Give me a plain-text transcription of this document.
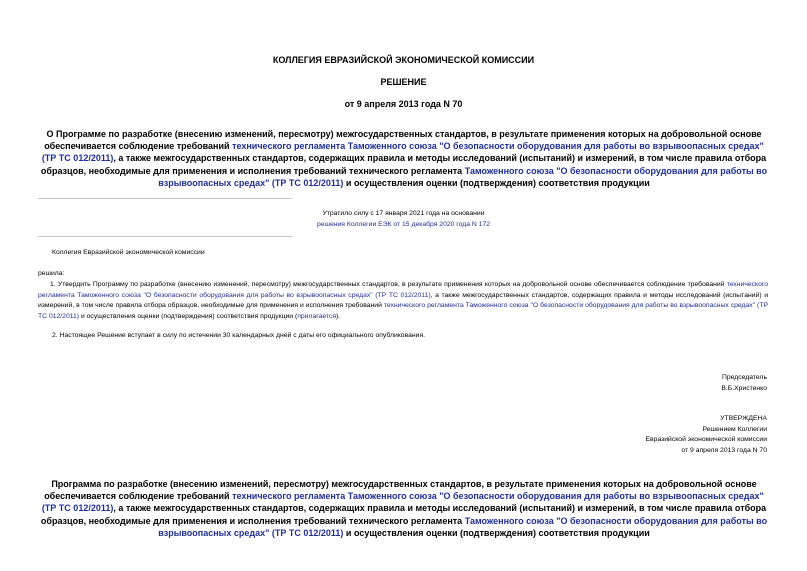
КОЛЛЕГИЯ ЕВРАЗИЙСКОЙ ЭКОНОМИЧЕСКОЙ КОМИССИИ
РЕШЕНИЕ
от 9 апреля 2013 года N 70
О Программе по разработке (внесению изменений, пересмотру) межгосударственных стандартов, в результате применения которых на добровольной основе обеспечивается соблюдение требований технического регламента Таможенного союза "О безопасности оборудования для работы во взрывоопасных средах" (ТР ТС 012/2011), а также межгосударственных стандартов, содержащих правила и методы исследований (испытаний) и измерений, в том числе правила отбора образцов, необходимые для применения и исполнения требований технического регламента Таможенного союза "О безопасности оборудования для работы во взрывоопасных средах" (ТР ТС 012/2011) и осуществления оценки (подтверждения) соответствия продукции
Утратило силу с 17 января 2021 года на основании
решения Коллегии ЕЭК от 15 декабря 2020 года N 172
Коллегия Евразийской экономической комиссии
решила:
1. Утвердить Программу по разработке (внесению изменений, пересмотру) межгосударственных стандартов, в результате применения которых на добровольной основе обеспечивается соблюдение требований технического регламента Таможенного союза "О безопасности оборудования для работы во взрывоопасных средах" (ТР ТС 012/2011), а также межгосударственных стандартов, содержащих правила и методы исследований (испытаний) и измерений, в том числе правила отбора образцов, необходимые для применения и исполнения требований технического регламента Таможенного союза "О безопасности оборудования для работы во взрывоопасных средах" (ТР ТС 012/2011) и осуществления оценки (подтверждения) соответствия продукции (прилагается).
2. Настоящее Решение вступает в силу по истечении 30 календарных дней с даты его официального опубликования.
Председатель
В.Б.Христенко
УТВЕРЖДЕНА
Решением Коллегии
Евразийской экономической комиссии
от 9 апреля 2013 года N 70
Программа по разработке (внесению изменений, пересмотру) межгосударственных стандартов, в результате применения которых на добровольной основе обеспечивается соблюдение требований технического регламента Таможенного союза "О безопасности оборудования для работы во взрывоопасных средах" (ТР ТС 012/2011), а также межгосударственных стандартов, содержащих правила и методы исследований (испытаний) и измерений, в том числе правила отбора образцов, необходимые для применения и исполнения требований технического регламента Таможенного союза "О безопасности оборудования для работы во взрывоопасных средах" (ТР ТС 012/2011) и осуществления оценки (подтверждения) соответствия продукции
